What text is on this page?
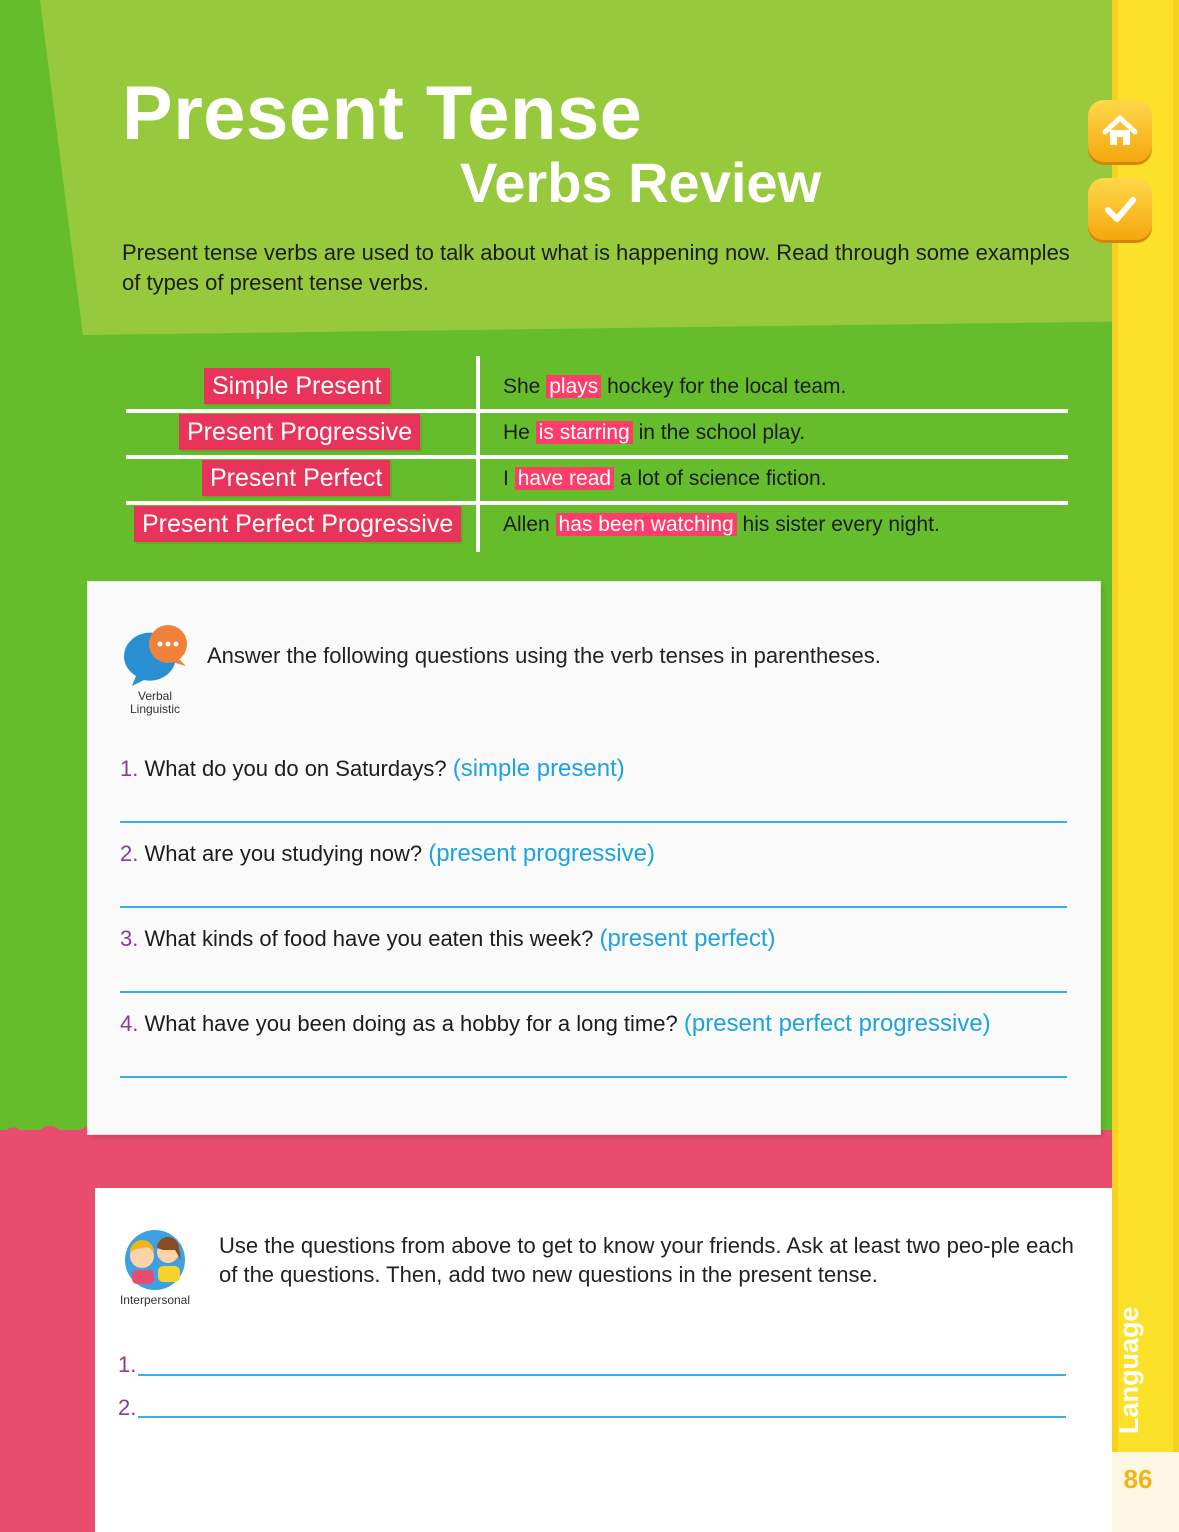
Language
86
Present Tense
Verbs Review

Present tense verbs are used to talk about what is happening now. Read through some examples of types of present tense verbs.

Simple Present	She plays hockey for the local team.
Present Progressive	He is starring in the school play.
Present Perfect	I have read a lot of science fiction.
Present Perfect Progressive	Allen has been watching his sister every night.
Verbal
Linguistic

Answer the following questions using the verb tenses in parentheses.

1. What do you do on Saturdays? (simple present)
2. What are you studying now? (present progressive)
3. What kinds of food have you eaten this week? (present perfect)
4. What have you been doing as a hobby for a long time? (present perfect progressive)
Interpersonal

Use the questions from above to get to know your friends. Ask at least two peo-ple each of the questions. Then, add two new questions in the present tense.

1.
2.
